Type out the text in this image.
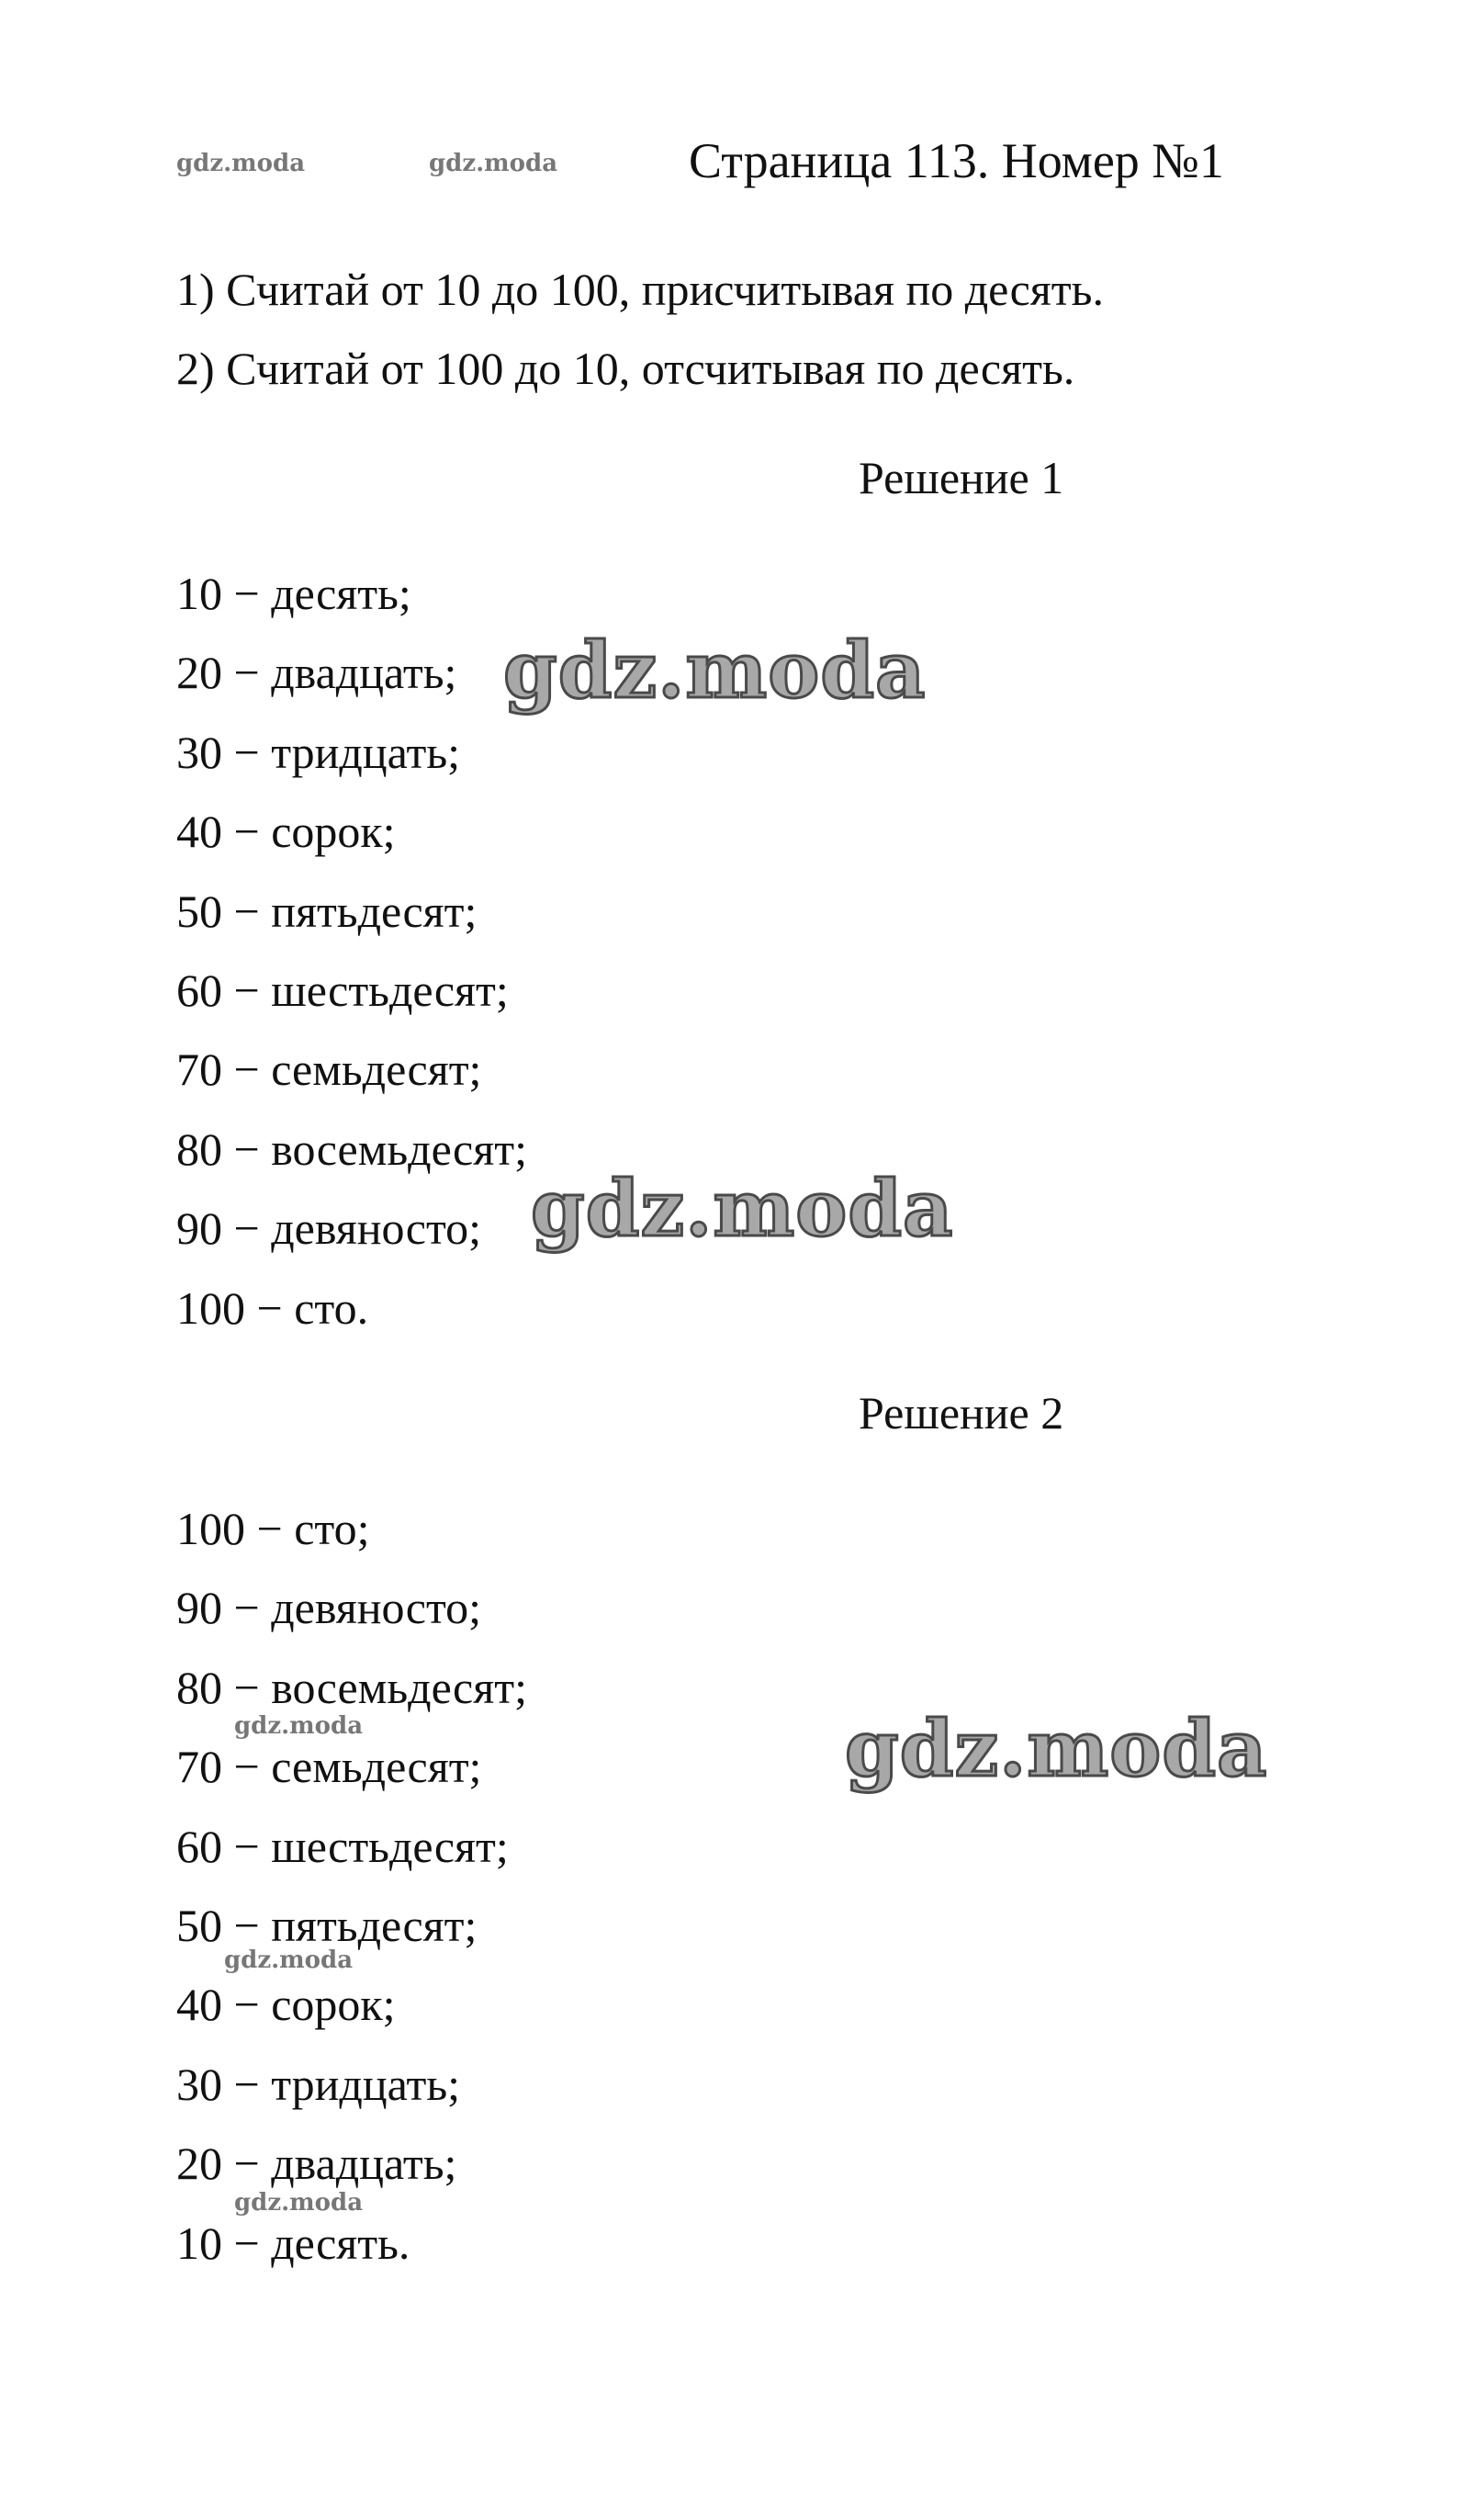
gdz.moda	gdz.moda	Страница 113. Номер №1
1) Считай от 10 до 100, присчитывая по десять.
2) Считай от 100 до 10, отсчитывая по десять.
Решение 1
10 − десять;
20 − двадцать;
30 − тридцать;
40 − сорок;
50 − пятьдесят;
60 − шестьдесят;
70 − семьдесят;
80 − восемьдесят;
90 − девяносто;
100 − сто.
Решение 2
100 − сто;
90 − девяносто;
80 − восемьдесят;
70 − семьдесят;
60 − шестьдесят;
50 − пятьдесят;
40 − сорок;
30 − тридцать;
20 − двадцать;
10 − десять.
gdz.moda
gdz.moda
gdz.moda
gdz.moda
gdz.moda
gdz.moda
